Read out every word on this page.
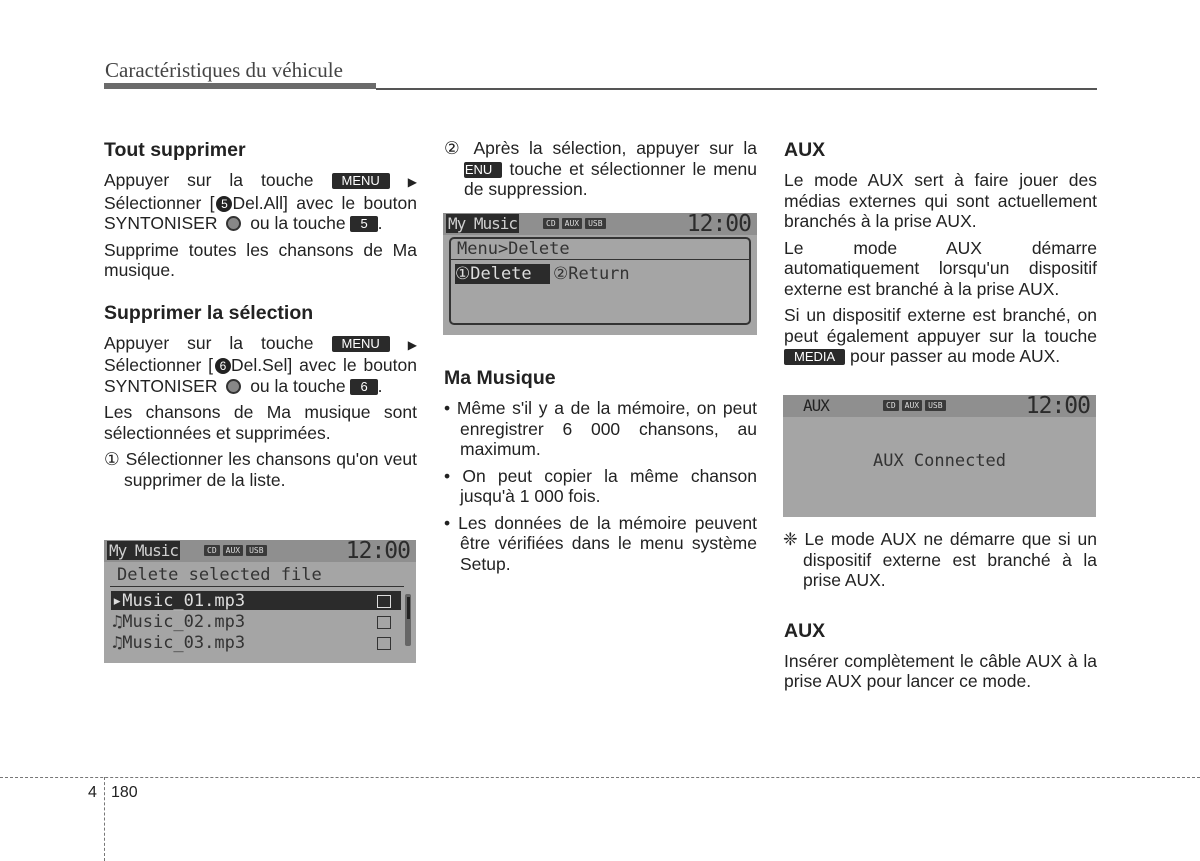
Caractéristiques du véhicule
Tout supprimer

Appuyer sur la touche MENU ▶ Sélectionner [ 5 Del.All] avec le bouton SYNTONISER ou la touche 5 .

Supprime toutes les chansons de Ma musique.

Supprimer la sélection

Appuyer sur la touche MENU ▶ Sélectionner [ 6 Del.Sel] avec le bouton SYNTONISER ou la touche 6 .

Les chansons de Ma musique sont sélectionnées et supprimées.

① Sélectionner les chansons qu'on veut supprimer de la liste.

My Music	CD AUX USB	12:00
Delete selected file
▸Music_01.mp3
♫Music_02.mp3
♫Music_03.mp3

② Après la sélection, appuyer sur la MENU touche et sélectionner le menu de suppression.

My Music	CD AUX USB	12:00
Menu>Delete
①Delete	②Return
Ma Musique
• Même s'il y a de la mémoire, on peut enregistrer 6 000 chansons, au maximum.
• On peut copier la même chanson jusqu'à 1 000 fois.
• Les données de la mémoire peuvent être vérifiées dans le menu système Setup.
AUX

Le mode AUX sert à faire jouer des médias externes qui sont actuellement branchés à la prise AUX.

Le mode AUX démarre automatiquement lorsqu'un dispositif externe est branché à la prise AUX.

Si un dispositif externe est branché, on peut également appuyer sur la touche MEDIA pour passer au mode AUX.

AUX	CD AUX USB	12:00
AUX Connected

❈ Le mode AUX ne démarre que si un dispositif externe est branché à la prise AUX.

AUX

Insérer complètement le câble AUX à la prise AUX pour lancer ce mode.

4 180
